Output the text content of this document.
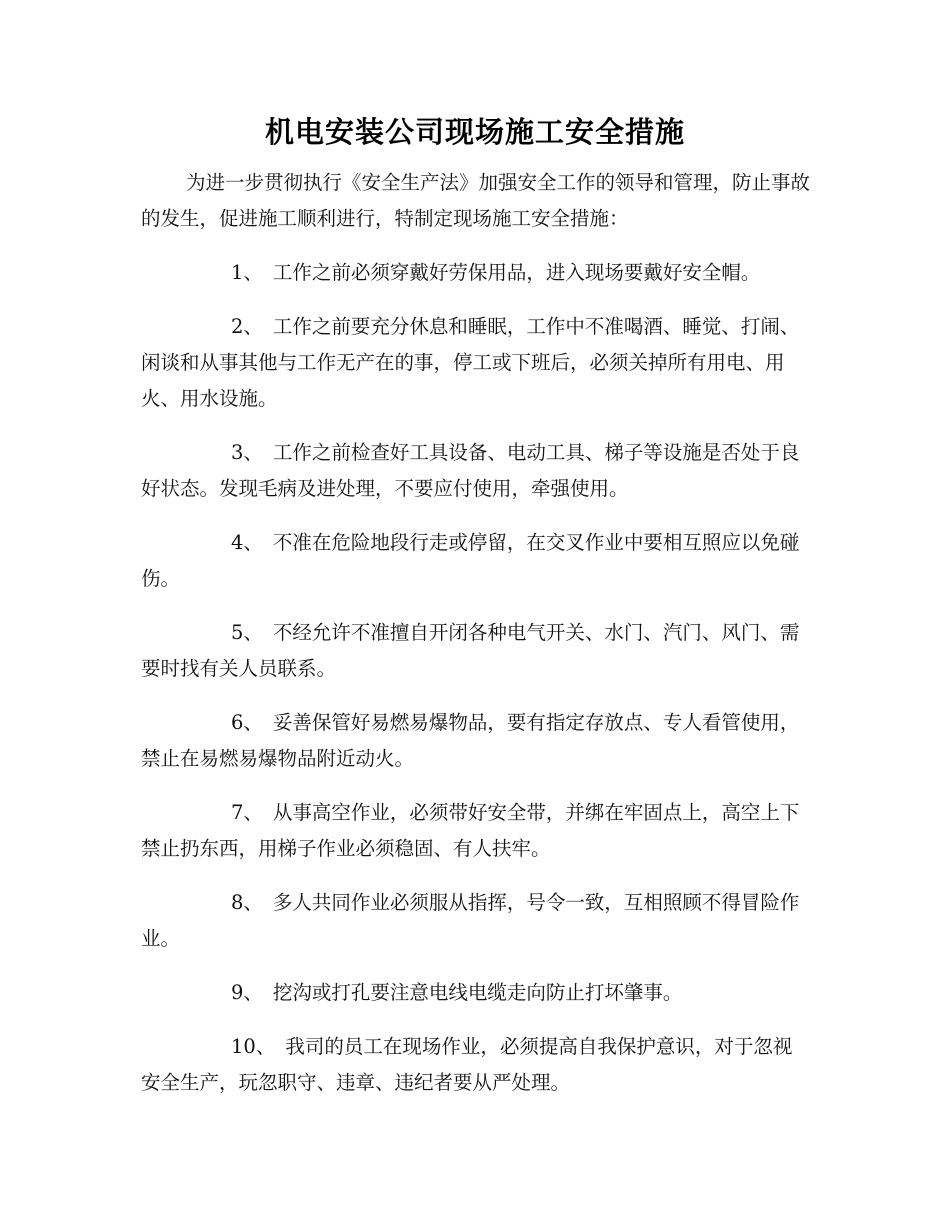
机电安装公司现场施工安全措施

为进一步贯彻执行《安全生产法》加强安全工作的领导和管理，防止事故的发生，促进施工顺利进行，特制定现场施工安全措施：

1、 工作之前必须穿戴好劳保用品，进入现场要戴好安全帽。

2、 工作之前要充分休息和睡眠，工作中不准喝酒、睡觉、打闹、闲谈和从事其他与工作无产在的事，停工或下班后，必须关掉所有用电、用火、用水设施。

3、 工作之前检查好工具设备、电动工具、梯子等设施是否处于良好状态。发现毛病及进处理，不要应付使用，牵强使用。

4、 不准在危险地段行走或停留，在交叉作业中要相互照应以免碰伤。

5、 不经允许不准擅自开闭各种电气开关、水门、汽门、风门、需要时找有关人员联系。

6、 妥善保管好易燃易爆物品，要有指定存放点、专人看管使用，禁止在易燃易爆物品附近动火。

7、 从事高空作业，必须带好安全带，并绑在牢固点上，高空上下禁止扔东西，用梯子作业必须稳固、有人扶牢。

8、 多人共同作业必须服从指挥，号令一致，互相照顾不得冒险作业。

9、 挖沟或打孔要注意电线电缆走向防止打坏肇事。

10、 我司的员工在现场作业，必须提高自我保护意识，对于忽视安全生产，玩忽职守、违章、违纪者要从严处理。
